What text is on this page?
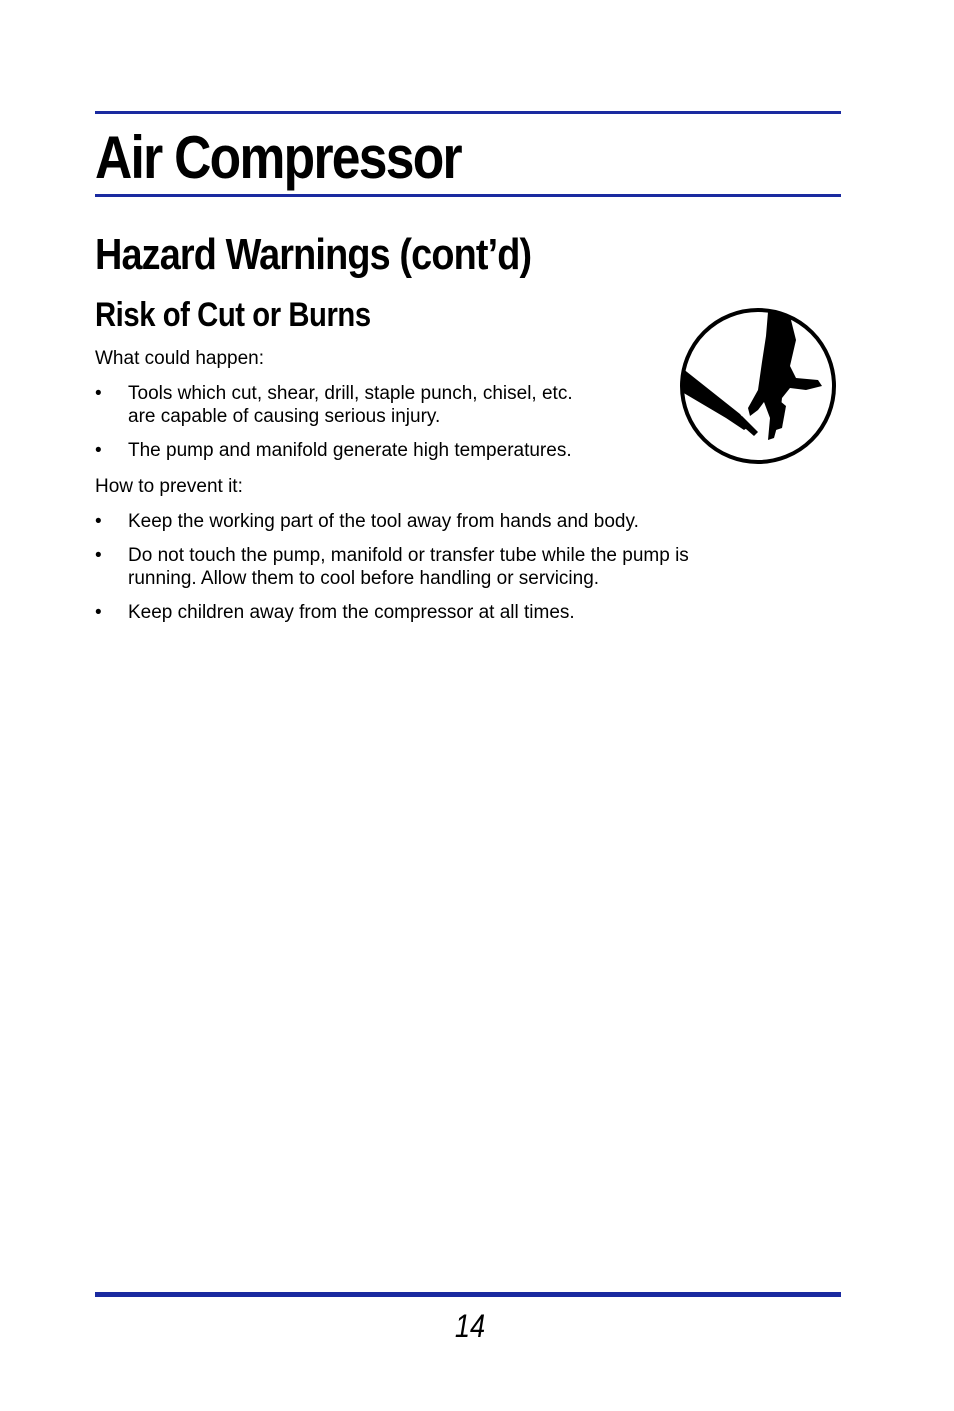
Air Compressor
Hazard Warnings (cont’d)
Risk of Cut or Burns

What could happen:

• Tools which cut, shear, drill, staple punch, chisel, etc.
are capable of causing serious injury.
• The pump and manifold generate high temperatures.

How to prevent it:

• Keep the working part of the tool away from hands and body.
• Do not touch the pump, manifold or transfer tube while the pump is
running. Allow them to cool before handling or servicing.
• Keep children away from the compressor at all times.
14
